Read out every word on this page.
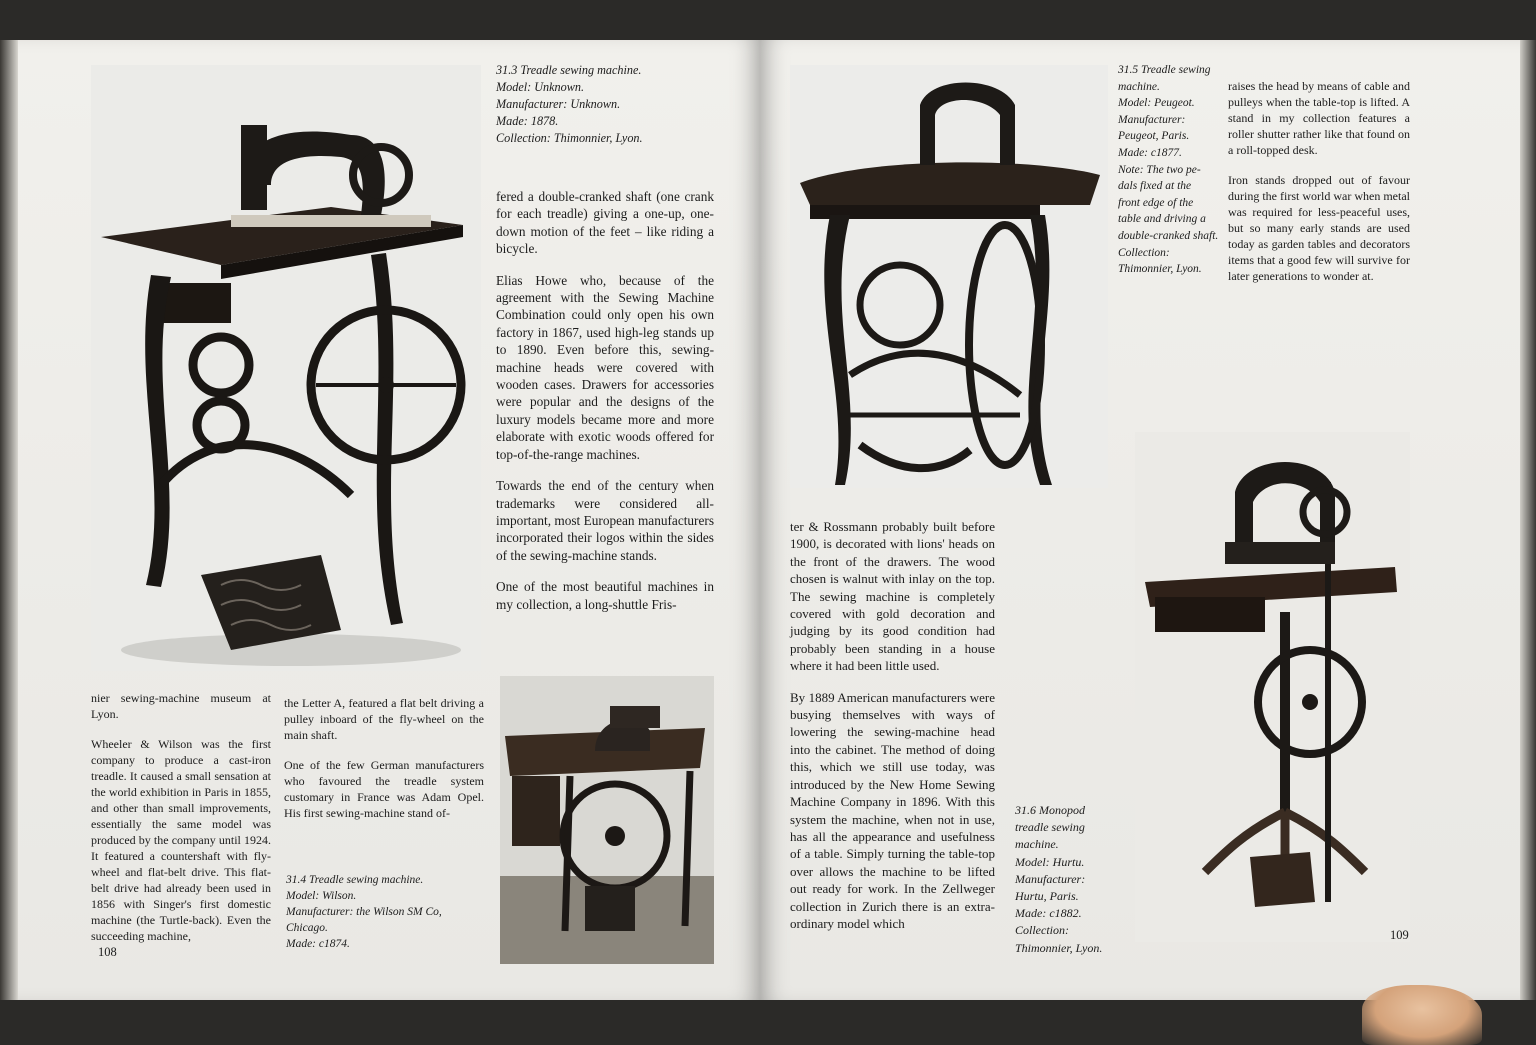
31.3 Treadle sewing machine.
Model: Unknown.
Manufacturer: Unknown.
Made: 1878.
Collection: Thimonnier, Lyon.

fered a double-cranked shaft (one crank for each treadle) giving a one-up, one-down motion of the feet – like riding a bicycle.

Elias Howe who, because of the agreement with the Sewing Machine Combination could only open his own factory in 1867, used high-leg stands up to 1890. Even before this, sewing-machine heads were covered with wooden cases. Drawers for accessories were popular and the designs of the luxury models became more and more elaborate with exotic woods offered for top-of-the-range machines.

Towards the end of the century when trademarks were considered all-important, most European manufacturers incorporated their logos within the sides of the sewing-machine stands.

One of the most beautiful machines in my collection, a long-shuttle Fris-

nier sewing-machine museum at Lyon.

Wheeler & Wilson was the first company to produce a cast-iron treadle. It caused a small sensation at the world exhibition in Paris in 1855, and other than small improvements, essentially the same model was produced by the company until 1924. It featured a countershaft with fly-wheel and flat-belt drive. This flat-belt drive had already been used in 1856 with Singer's first domestic machine (the Turtle-back). Even the succeeding machine,

the Letter A, featured a flat belt driving a pulley inboard of the fly-wheel on the main shaft.

One of the few German manufacturers who favoured the treadle system customary in France was Adam Opel. His first sewing-machine stand of-

31.4 Treadle sewing machine.
Model: Wilson.
Manufacturer: the Wilson SM Co,
Chicago.
Made: c1874.
108
31.5 Treadle sewing
machine.
Model: Peugeot.
Manufacturer:
Peugeot, Paris.
Made: c1877.
Note: The two pe-
dals fixed at the
front edge of the
table and driving a
double-cranked shaft.
Collection:
Thimonnier, Lyon.

raises the head by means of cable and pulleys when the table-top is lifted. A stand in my collection features a roller shutter rather like that found on a roll-topped desk.

Iron stands dropped out of favour during the first world war when metal was required for less-peaceful uses, but so many early stands are used today as garden tables and decorators items that a good few will survive for later generations to wonder at.

ter & Rossmann probably built before 1900, is decorated with lions' heads on the front of the drawers. The wood chosen is walnut with inlay on the top. The sewing machine is completely covered with gold decoration and judging by its good condition had probably been standing in a house where it had been little used.

By 1889 American manufacturers were busying themselves with ways of lowering the sewing-machine head into the cabinet. The method of doing this, which we still use today, was introduced by the New Home Sewing Machine Company in 1896. With this system the machine, when not in use, has all the appearance and usefulness of a table. Simply turning the table-top over allows the machine to be lifted out ready for work. In the Zellweger collection in Zurich there is an extra-ordinary model which

31.6 Monopod
treadle sewing
machine.
Model: Hurtu.
Manufacturer:
Hurtu, Paris.
Made: c1882.
Collection:
Thimonnier, Lyon.
109
